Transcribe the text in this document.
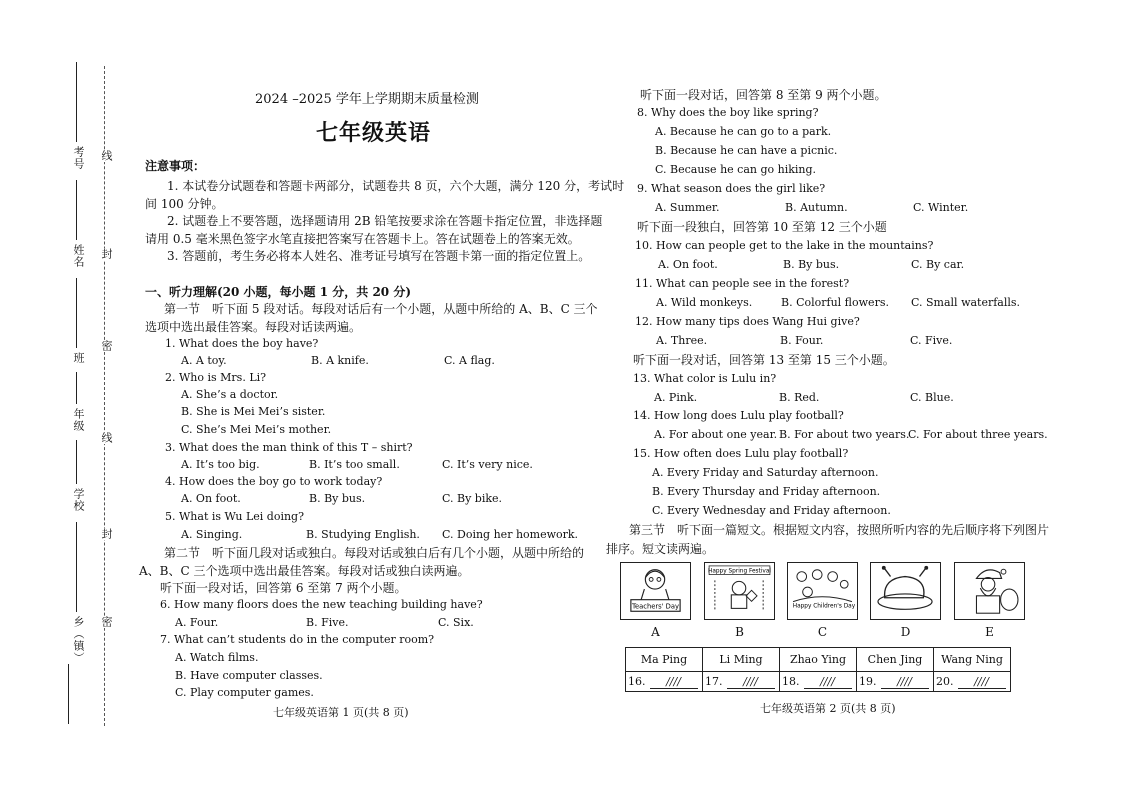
考号
姓名
班
年级
学校
乡（镇）
线
封
密
线
封
密
2024 –2025 学年上学期期末质量检测
七年级英语
注意事项：
1. 本试卷分试题卷和答题卡两部分，试题卷共 8 页，六个大题，满分 120 分，考试时
间 100 分钟。
2. 试题卷上不要答题，选择题请用 2B 铅笔按要求涂在答题卡指定位置，非选择题
请用 0.5 毫米黑色签字水笔直接把答案写在答题卡上。答在试题卷上的答案无效。
3. 答题前，考生务必将本人姓名、准考证号填写在答题卡第一面的指定位置上。
一、听力理解(20 小题，每小题 1 分，共 20 分)
第一节　听下面 5 段对话。每段对话后有一个小题，从题中所给的 A、B、C 三个
选项中选出最佳答案。每段对话读两遍。
1. What does the boy have?
A. A toy.	B. A knife.	C. A flag.
2. Who is Mrs. Li?
A. She’s a doctor.
B. She is Mei Mei’s sister.
C. She’s Mei Mei’s mother.
3. What does the man think of this T – shirt?
A. It’s too big.	B. It’s too small.	C. It’s very nice.
4. How does the boy go to work today?
A. On foot.	B. By bus.	C. By bike.
5. What is Wu Lei doing?
A. Singing.	B. Studying English. C. Doing her homework.
第二节　听下面几段对话或独白。每段对话或独白后有几个小题，从题中所给的
A、B、C 三个选项中选出最佳答案。每段对话或独白读两遍。
听下面一段对话，回答第 6 至第 7 两个小题。
6. How many floors does the new teaching building have?
A. Four.	B. Five.	C. Six.
7. What can’t students do in the computer room?
A. Watch films.
B. Have computer classes.
C. Play computer games.
七年级英语第 1 页(共 8 页)
听下面一段对话，回答第 8 至第 9 两个小题。
8. Why does the boy like spring?
A. Because he can go to a park.
B. Because he can have a picnic.
C. Because he can go hiking.
9. What season does the girl like?
A. Summer.	B. Autumn.	C. Winter.
听下面一段独白，回答第 10 至第 12 三个小题
10. How can people get to the lake in the mountains?
A. On foot.	B. By bus.	C. By car.
11. What can people see in the forest?
A. Wild monkeys.	B. Colorful flowers. C. Small waterfalls.
12. How many tips does Wang Hui give?
A. Three.	B. Four.	C. Five.
听下面一段对话，回答第 13 至第 15 三个小题。
13. What color is Lulu in?
A. Pink.	B. Red.	C. Blue.
14. How long does Lulu play football?
A. For about one year. B. For about two years.
C. For about three years.
15. How often does Lulu play football?
A. Every Friday and Saturday afternoon.
B. Every Thursday and Friday afternoon.
C. Every Wednesday and Friday afternoon.
第三节　听下面一篇短文。根据短文内容，按照所听内容的先后顺序将下列图片
排序。短文读两遍。
Teachers' Day
Happy Spring Festival
Happy Children's Day
A	B	C	D	E
Ma Ping	Li Ming	Zhao Ying	Chen Jing	Wang Ning
16. ////	17. ////	18. ////	19. ////	20. ////
七年级英语第 2 页(共 8 页)
